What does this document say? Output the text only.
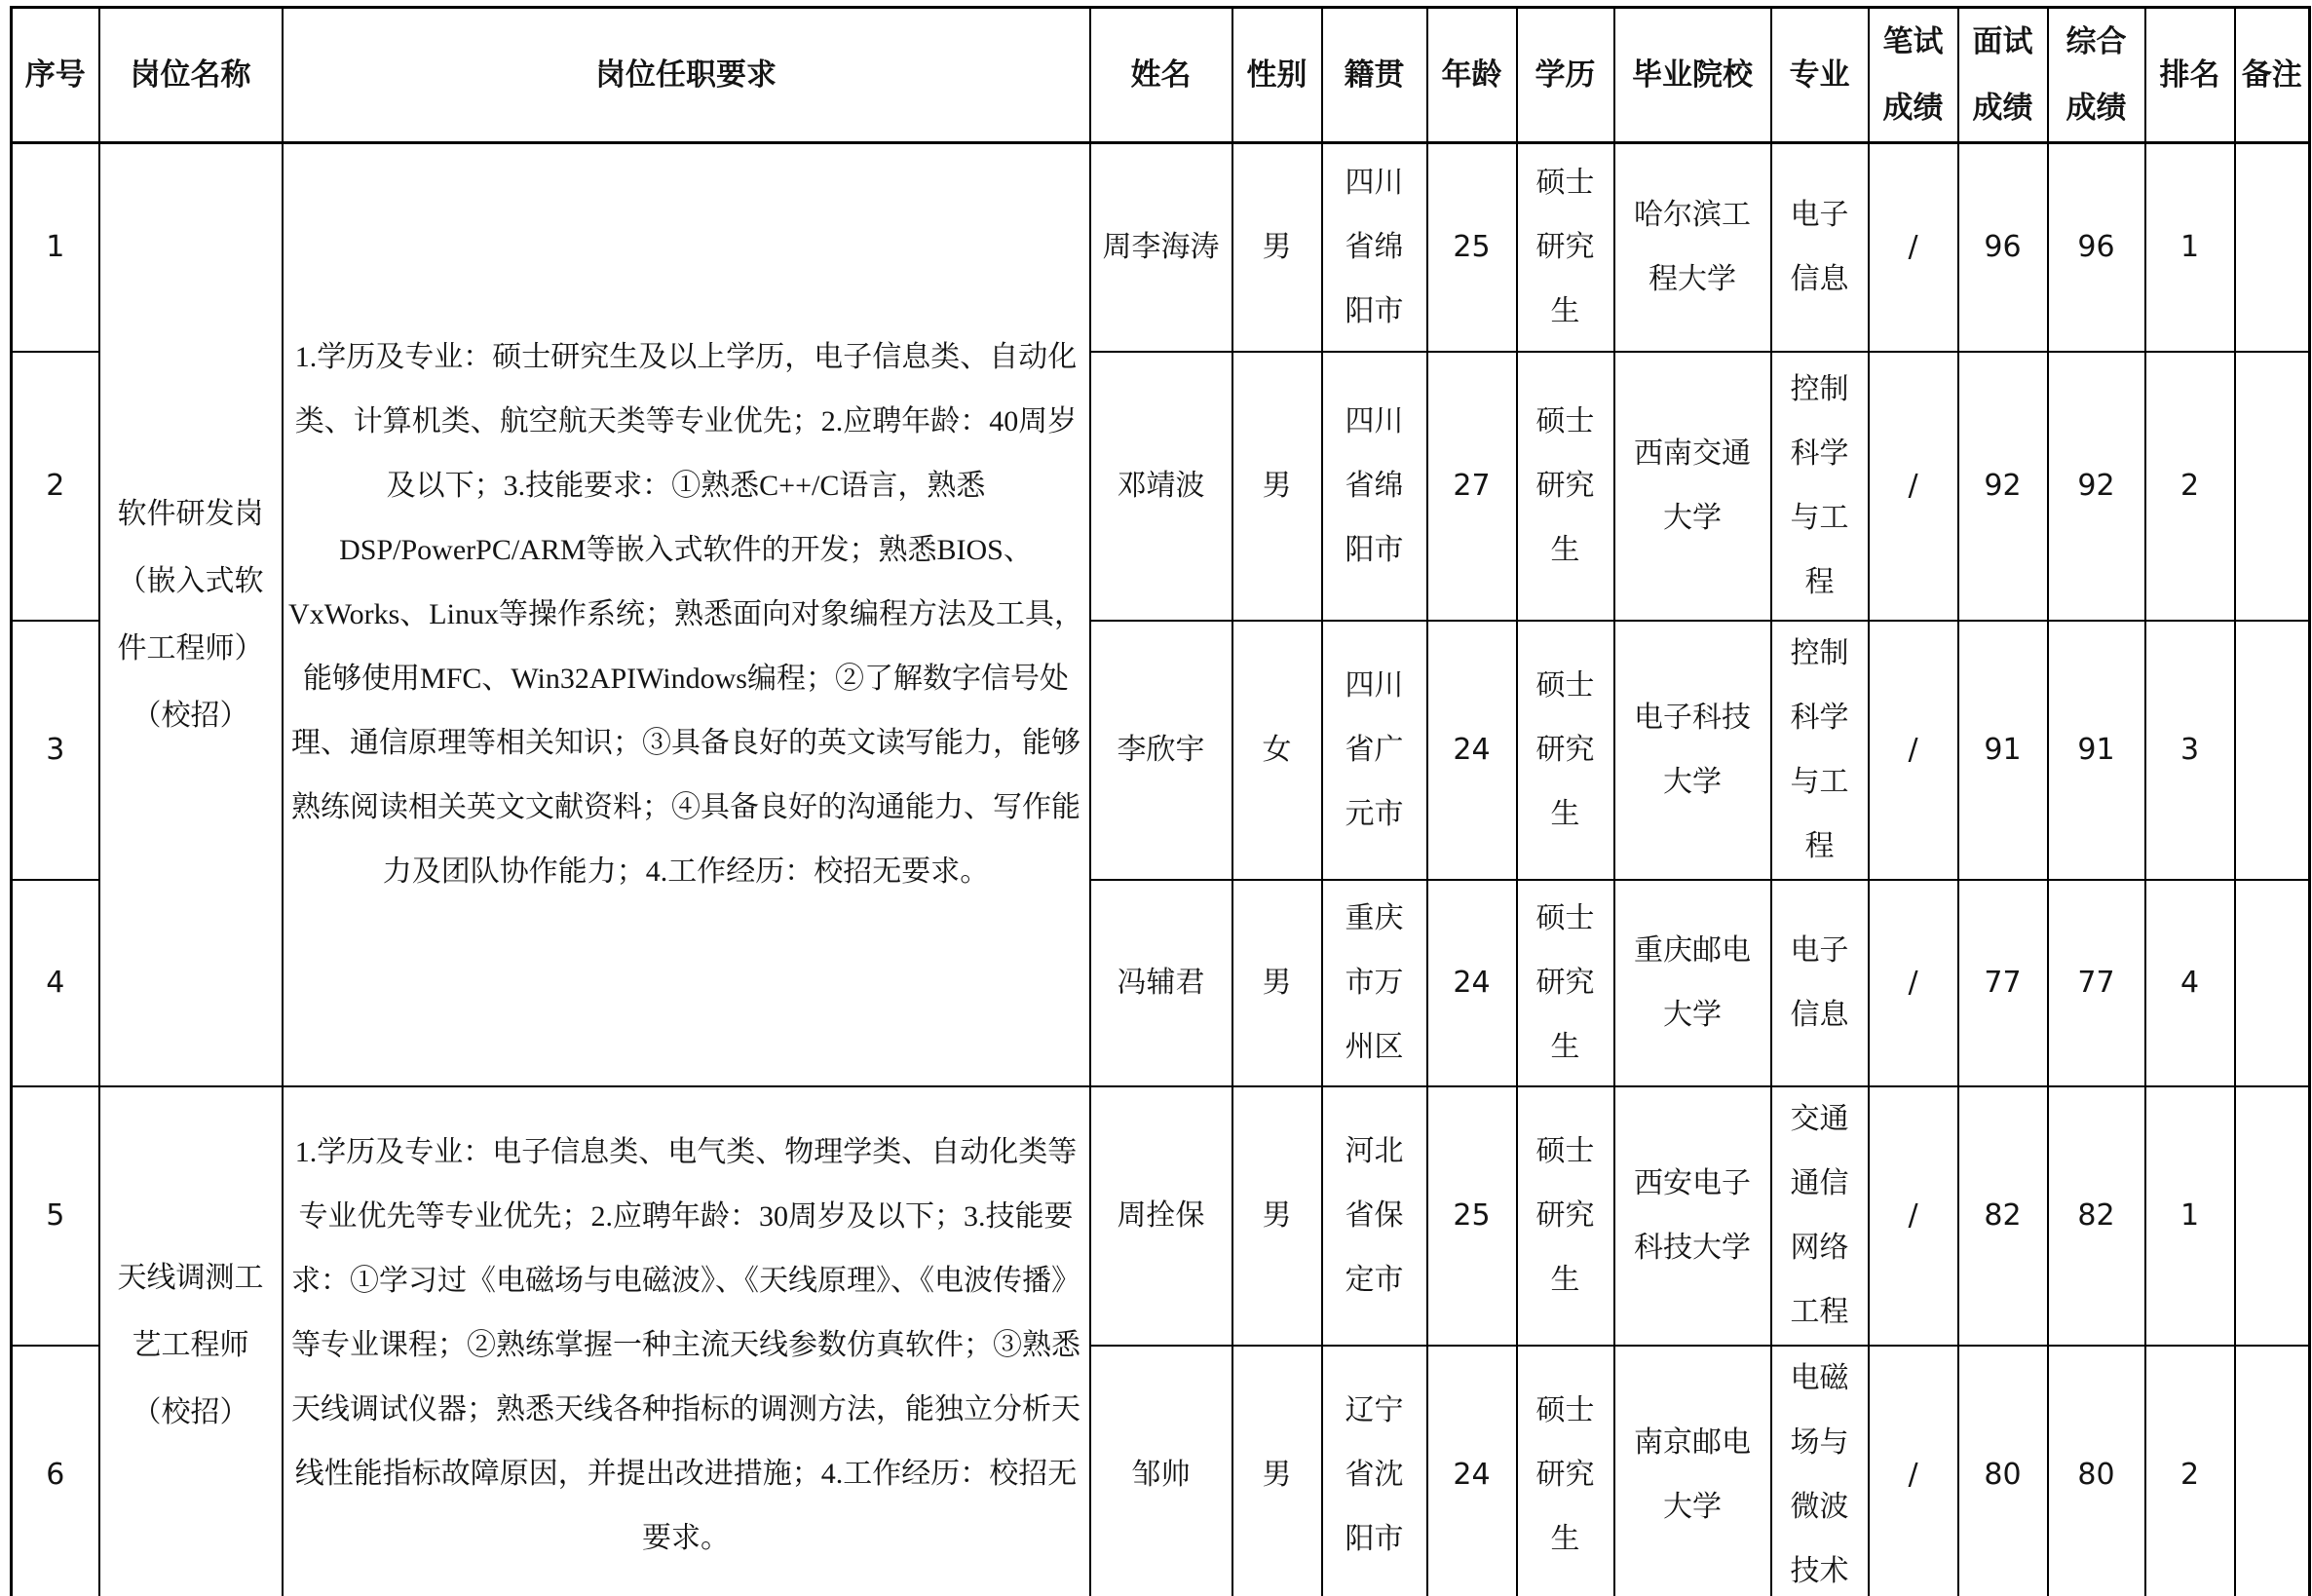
序号	岗位名称	岗位任职要求	姓名	性别	籍贯	年龄	学历	毕业院校	专业	笔试成绩	面试成绩	综合成绩	排名	备注
1	软件研发岗（嵌入式软件工程师）（校招）	1.学历及专业：硕士研究生及以上学历，电子信息类、自动化类、计算机类、航空航天类等专业优先；2.应聘年龄：40周岁及以下；3.技能要求：①熟悉C++/C语言，熟悉DSP/PowerPC/ARM等嵌入式软件的开发；熟悉BIOS、VxWorks、Linux等操作系统；熟悉面向对象编程方法及工具，能够使用MFC、Win32APIWindows编程；②了解数字信号处理、通信原理等相关知识；③具备良好的英文读写能力，能够熟练阅读相关英文文献资料；④具备良好的沟通能力、写作能力及团队协作能力；4.工作经历：校招无要求。	周李海涛	男	四川省绵阳市	25	硕士研究生	哈尔滨工程大学	电子信息	/	96	96	1	
2			邓靖波	男	四川省绵阳市	27	硕士研究生	西南交通大学	控制科学与工程	/	92	92	2	
3			李欣宇	女	四川省广元市	24	硕士研究生	电子科技大学	控制科学与工程	/	91	91	3	
4			冯辅君	男	重庆市万州区	24	硕士研究生	重庆邮电大学	电子信息	/	77	77	4	
5	天线调测工艺工程师（校招）	1.学历及专业：电子信息类、电气类、物理学类、自动化类等专业优先等专业优先；2.应聘年龄：30周岁及以下；3.技能要求：①学习过《电磁场与电磁波》、《天线原理》、《电波传播》等专业课程；②熟练掌握一种主流天线参数仿真软件；③熟悉天线调试仪器；熟悉天线各种指标的调测方法，能独立分析天线性能指标故障原因，并提出改进措施；4.工作经历：校招无要求。	周拴保	男	河北省保定市	25	硕士研究生	西安电子科技大学	交通通信网络工程	/	82	82	1	
6			邹帅	男	辽宁省沈阳市	24	硕士研究生	南京邮电大学	电磁场与微波技术	/	80	80	2	
